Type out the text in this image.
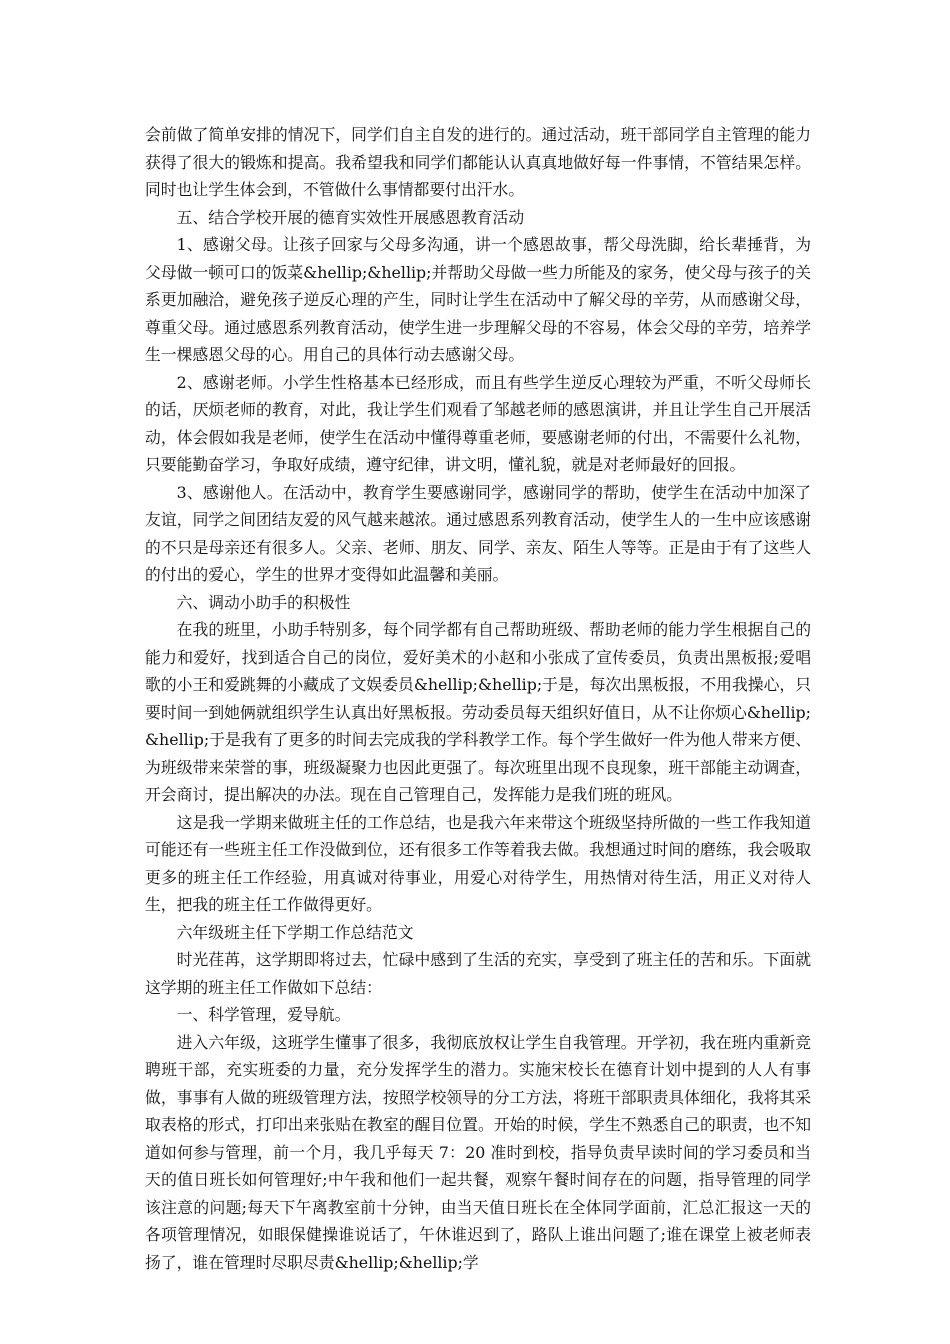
会前做了简单安排的情况下，同学们自主自发的进行的。通过活动，班干部同学自主管理的能力获得了很大的锻炼和提高。我希望我和同学们都能认认真真地做好每一件事情，不管结果怎样。同时也让学生体会到，不管做什么事情都要付出汗水。

五、结合学校开展的德育实效性开展感恩教育活动

1、感谢父母。让孩子回家与父母多沟通，讲一个感恩故事，帮父母洗脚，给长辈捶背，为父母做一顿可口的饭菜&hellip;&hellip;并帮助父母做一些力所能及的家务，使父母与孩子的关系更加融洽，避免孩子逆反心理的产生，同时让学生在活动中了解父母的辛劳，从而感谢父母，尊重父母。通过感恩系列教育活动，使学生进一步理解父母的不容易，体会父母的辛劳，培养学生一棵感恩父母的心。用自己的具体行动去感谢父母。

2、感谢老师。小学生性格基本已经形成，而且有些学生逆反心理较为严重，不听父母师长的话，厌烦老师的教育，对此，我让学生们观看了邹越老师的感恩演讲，并且让学生自己开展活动，体会假如我是老师，使学生在活动中懂得尊重老师，要感谢老师的付出，不需要什么礼物，只要能勤奋学习，争取好成绩，遵守纪律，讲文明，懂礼貌，就是对老师最好的回报。

3、感谢他人。在活动中，教育学生要感谢同学，感谢同学的帮助，使学生在活动中加深了友谊，同学之间团结友爱的风气越来越浓。通过感恩系列教育活动，使学生人的一生中应该感谢的不只是母亲还有很多人。父亲、老师、朋友、同学、亲友、陌生人等等。正是由于有了这些人的付出的爱心，学生的世界才变得如此温馨和美丽。

六、调动小助手的积极性

在我的班里，小助手特别多，每个同学都有自己帮助班级、帮助老师的能力学生根据自己的能力和爱好，找到适合自己的岗位，爱好美术的小赵和小张成了宣传委员，负责出黑板报;爱唱歌的小王和爱跳舞的小藏成了文娱委员&hellip;&hellip;于是，每次出黑板报，不用我操心，只要时间一到她俩就组织学生认真出好黑板报。劳动委员每天组织好值日，从不让你烦心&hellip;&hellip;于是我有了更多的时间去完成我的学科教学工作。每个学生做好一件为他人带来方便、为班级带来荣誉的事，班级凝聚力也因此更强了。每次班里出现不良现象，班干部能主动调查，开会商讨，提出解决的办法。现在自己管理自己，发挥能力是我们班的班风。

这是我一学期来做班主任的工作总结，也是我六年来带这个班级坚持所做的一些工作我知道可能还有一些班主任工作没做到位，还有很多工作等着我去做。我想通过时间的磨练，我会吸取更多的班主任工作经验，用真诚对待事业，用爱心对待学生，用热情对待生活，用正义对待人生，把我的班主任工作做得更好。

六年级班主任下学期工作总结范文

时光荏苒，这学期即将过去，忙碌中感到了生活的充实，享受到了班主任的苦和乐。下面就这学期的班主任工作做如下总结：

一、科学管理，爱导航。

进入六年级，这班学生懂事了很多，我彻底放权让学生自我管理。开学初，我在班内重新竞聘班干部，充实班委的力量，充分发挥学生的潜力。实施宋校长在德育计划中提到的人人有事做，事事有人做的班级管理方法，按照学校领导的分工方法，将班干部职责具体细化，我将其采取表格的形式，打印出来张贴在教室的醒目位置。开始的时候，学生不熟悉自己的职责，也不知道如何参与管理，前一个月，我几乎每天 7：20 准时到校，指导负责早读时间的学习委员和当天的值日班长如何管理好;中午我和他们一起共餐，观察午餐时间存在的问题，指导管理的同学该注意的问题;每天下午离教室前十分钟，由当天值日班长在全体同学面前，汇总汇报这一天的各项管理情况，如眼保健操谁说话了，午休谁迟到了，路队上谁出问题了;谁在课堂上被老师表扬了，谁在管理时尽职尽责&hellip;&hellip;学
